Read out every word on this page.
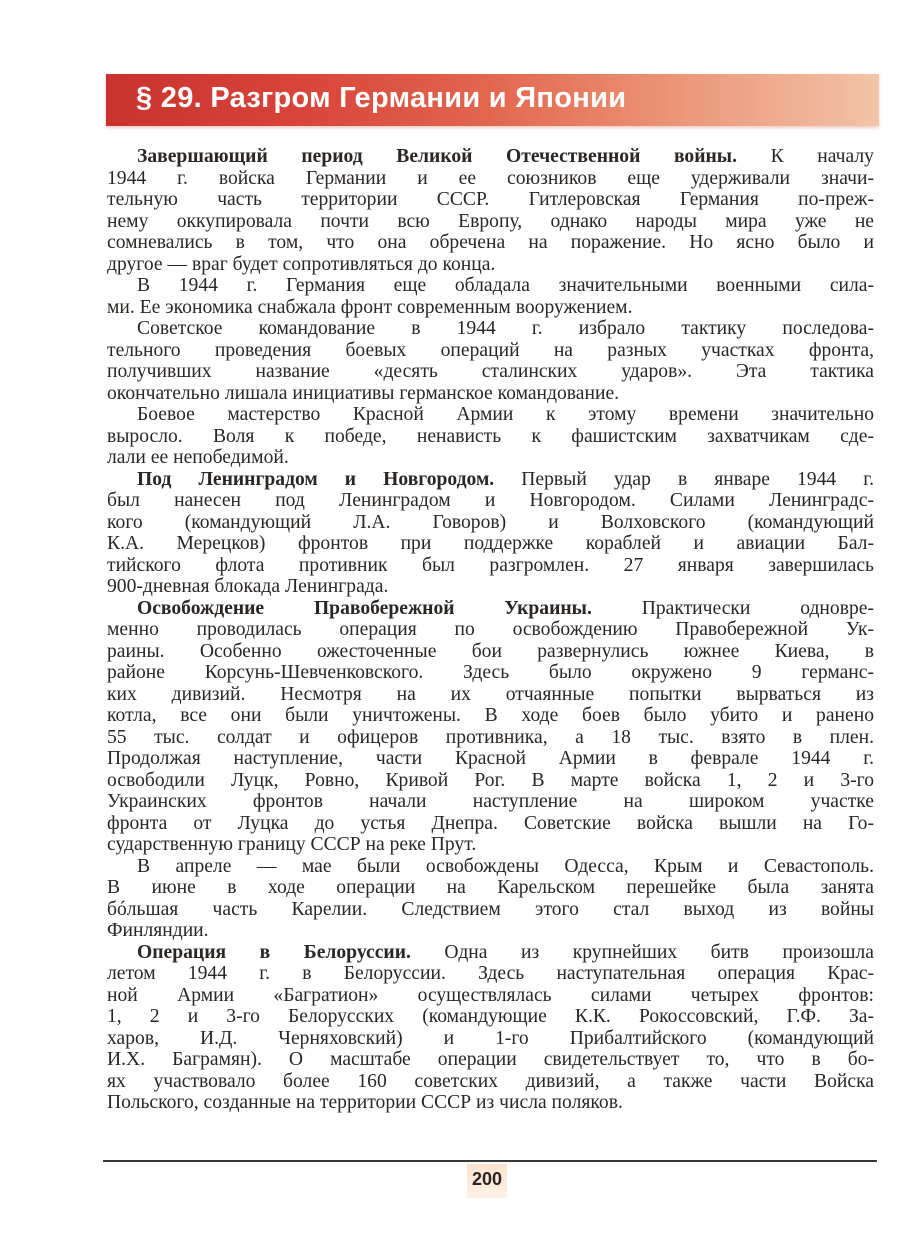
§ 29. Разгром Германии и Японии
Завершающий период Великой Отечественной войны. К началу
1944 г. войска Германии и ее союзников еще удерживали значи-
тельную часть территории СССР. Гитлеровская Германия по-преж-
нему оккупировала почти всю Европу, однако народы мира уже не
сомневались в том, что она обречена на поражение. Но ясно было и
другое — враг будет сопротивляться до конца.
В 1944 г. Германия еще обладала значительными военными сила-
ми. Ее экономика снабжала фронт современным вооружением.
Советское командование в 1944 г. избрало тактику последова-
тельного проведения боевых операций на разных участках фронта,
получивших название «десять сталинских ударов». Эта тактика
окончательно лишала инициативы германское командование.
Боевое мастерство Красной Армии к этому времени значительно
выросло. Воля к победе, ненависть к фашистским захватчикам сде-
лали ее непобедимой.
Под Ленинградом и Новгородом. Первый удар в январе 1944 г.
был нанесен под Ленинградом и Новгородом. Силами Ленинградс-
кого (командующий Л.А. Говоров) и Волховского (командующий
К.А. Мерецков) фронтов при поддержке кораблей и авиации Бал-
тийского флота противник был разгромлен. 27 января завершилась
900-дневная блокада Ленинграда.
Освобождение Правобережной Украины.	Практически одновре-
менно проводилась операция по освобождению Правобережной Ук-
раины. Особенно ожесточенные бои развернулись южнее Киева, в
районе Корсунь-Шевченковского. Здесь было окружено 9 германс-
ких дивизий. Несмотря на их отчаянные попытки вырваться из
котла, все они были уничтожены. В ходе боев было убито и ранено
55 тыс. солдат и офицеров противника, а 18 тыс. взято в плен.
Продолжая наступление, части Красной Армии в феврале 1944 г.
освободили Луцк, Ровно, Кривой Рог. В марте войска 1, 2 и 3-го
Украинских фронтов начали наступление на широком участке
фронта от Луцка до устья Днепра. Советские войска вышли на Го-
сударственную границу СССР на реке Прут.
В апреле — мае были освобождены Одесса, Крым и Севастополь.
В июне в ходе операции на Карельском перешейке была занята
бóльшая часть Карелии. Следствием этого стал выход из войны
Финляндии.
Операция в Белоруссии. Одна из крупнейших битв произошла
летом 1944 г. в Белоруссии. Здесь наступательная операция Крас-
ной Армии «Багратион» осуществлялась силами четырех фронтов:
1, 2 и 3-го Белорусских (командующие К.К. Рокоссовский, Г.Ф. За-
харов, И.Д. Черняховский) и 1-го Прибалтийского (командующий
И.Х. Баграмян). О масштабе операции свидетельствует то, что в бо-
ях участвовало более 160 советских дивизий, а также части Войска
Польского, созданные на территории СССР из числа поляков.
200
